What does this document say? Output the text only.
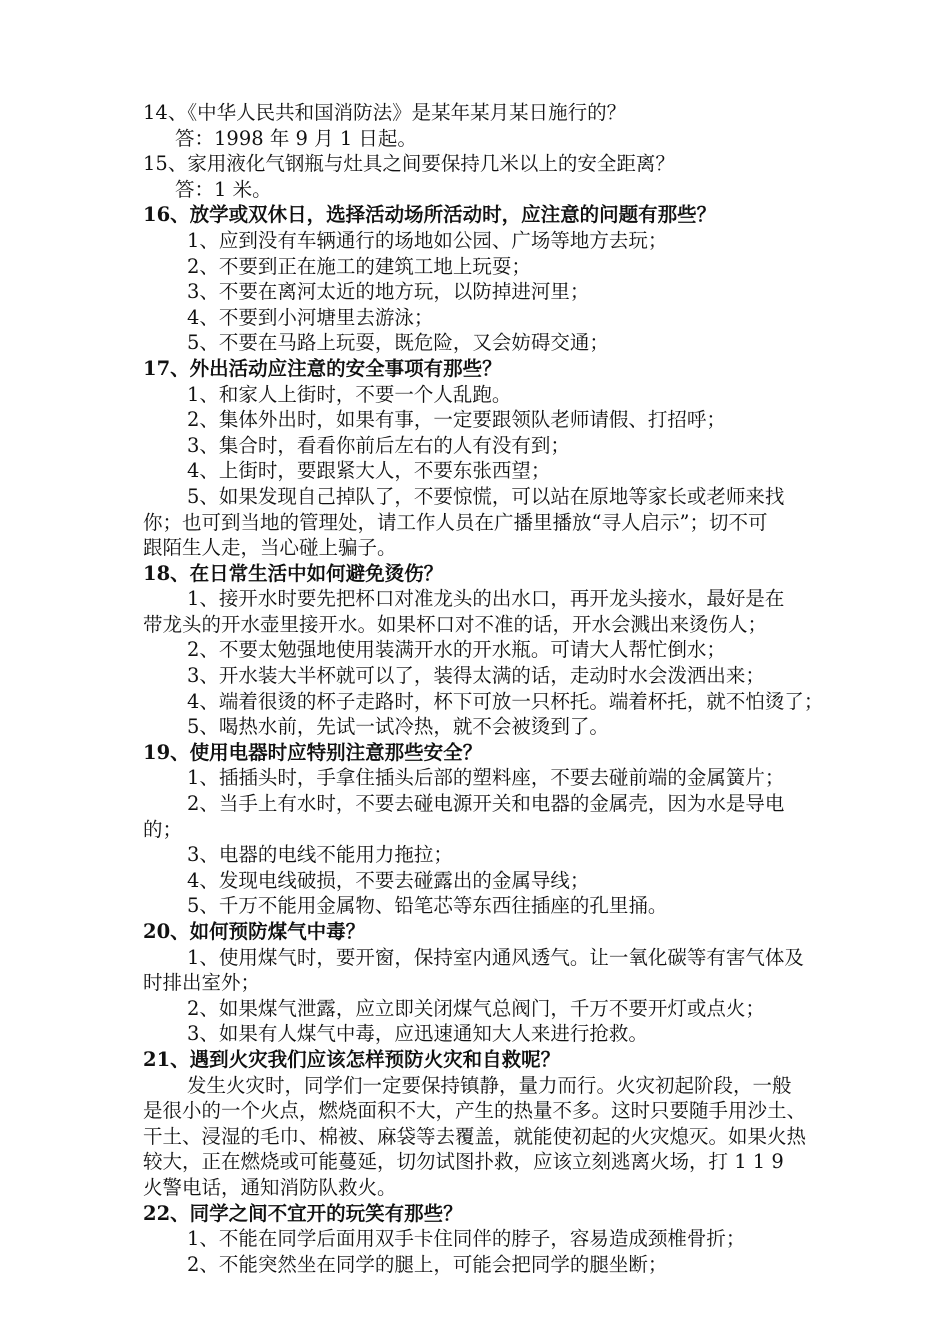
14、《中华人民共和国消防法》是某年某月某日施行的？
答：1998 年 9 月 1 日起。
15、家用液化气钢瓶与灶具之间要保持几米以上的安全距离？
答：1 米。
16、放学或双休日，选择活动场所活动时，应注意的问题有那些？
1、应到没有车辆通行的场地如公园、广场等地方去玩；
2、不要到正在施工的建筑工地上玩耍；
3、不要在离河太近的地方玩，以防掉进河里；
4、不要到小河塘里去游泳；
5、不要在马路上玩耍，既危险，又会妨碍交通；
17、外出活动应注意的安全事项有那些？
1、和家人上街时，不要一个人乱跑。
2、集体外出时，如果有事，一定要跟领队老师请假、打招呼；
3、集合时，看看你前后左右的人有没有到；
4、上街时，要跟紧大人，不要东张西望；
5、如果发现自己掉队了，不要惊慌，可以站在原地等家长或老师来找
你；也可到当地的管理处，请工作人员在广播里播放“寻人启示”；切不可
跟陌生人走，当心碰上骗子。
18、在日常生活中如何避免烫伤？
1、接开水时要先把杯口对准龙头的出水口，再开龙头接水，最好是在
带龙头的开水壶里接开水。如果杯口对不准的话，开水会溅出来烫伤人；
2、不要太勉强地使用装满开水的开水瓶。可请大人帮忙倒水；
3、开水装大半杯就可以了，装得太满的话，走动时水会泼洒出来；
4、端着很烫的杯子走路时，杯下可放一只杯托。端着杯托，就不怕烫了；
5、喝热水前，先试一试冷热，就不会被烫到了。
19、使用电器时应特别注意那些安全？
1、插插头时，手拿住插头后部的塑料座，不要去碰前端的金属簧片；
2、当手上有水时，不要去碰电源开关和电器的金属壳，因为水是导电
的；
3、电器的电线不能用力拖拉；
4、发现电线破损，不要去碰露出的金属导线；
5、千万不能用金属物、铅笔芯等东西往插座的孔里捅。
20、如何预防煤气中毒？
1、使用煤气时，要开窗，保持室内通风透气。让一氧化碳等有害气体及
时排出室外；
2、如果煤气泄露，应立即关闭煤气总阀门，千万不要开灯或点火；
3、如果有人煤气中毒，应迅速通知大人来进行抢救。
21、遇到火灾我们应该怎样预防火灾和自救呢？
发生火灾时，同学们一定要保持镇静，量力而行。火灾初起阶段，一般
是很小的一个火点，燃烧面积不大，产生的热量不多。这时只要随手用沙土、
干土、浸湿的毛巾、棉被、麻袋等去覆盖，就能使初起的火灾熄灭。如果火热
较大，正在燃烧或可能蔓延，切勿试图扑救，应该立刻逃离火场，打 1 1 9
火警电话，通知消防队救火。
22、同学之间不宜开的玩笑有那些？
1、不能在同学后面用双手卡住同伴的脖子，容易造成颈椎骨折；
2、不能突然坐在同学的腿上，可能会把同学的腿坐断；
